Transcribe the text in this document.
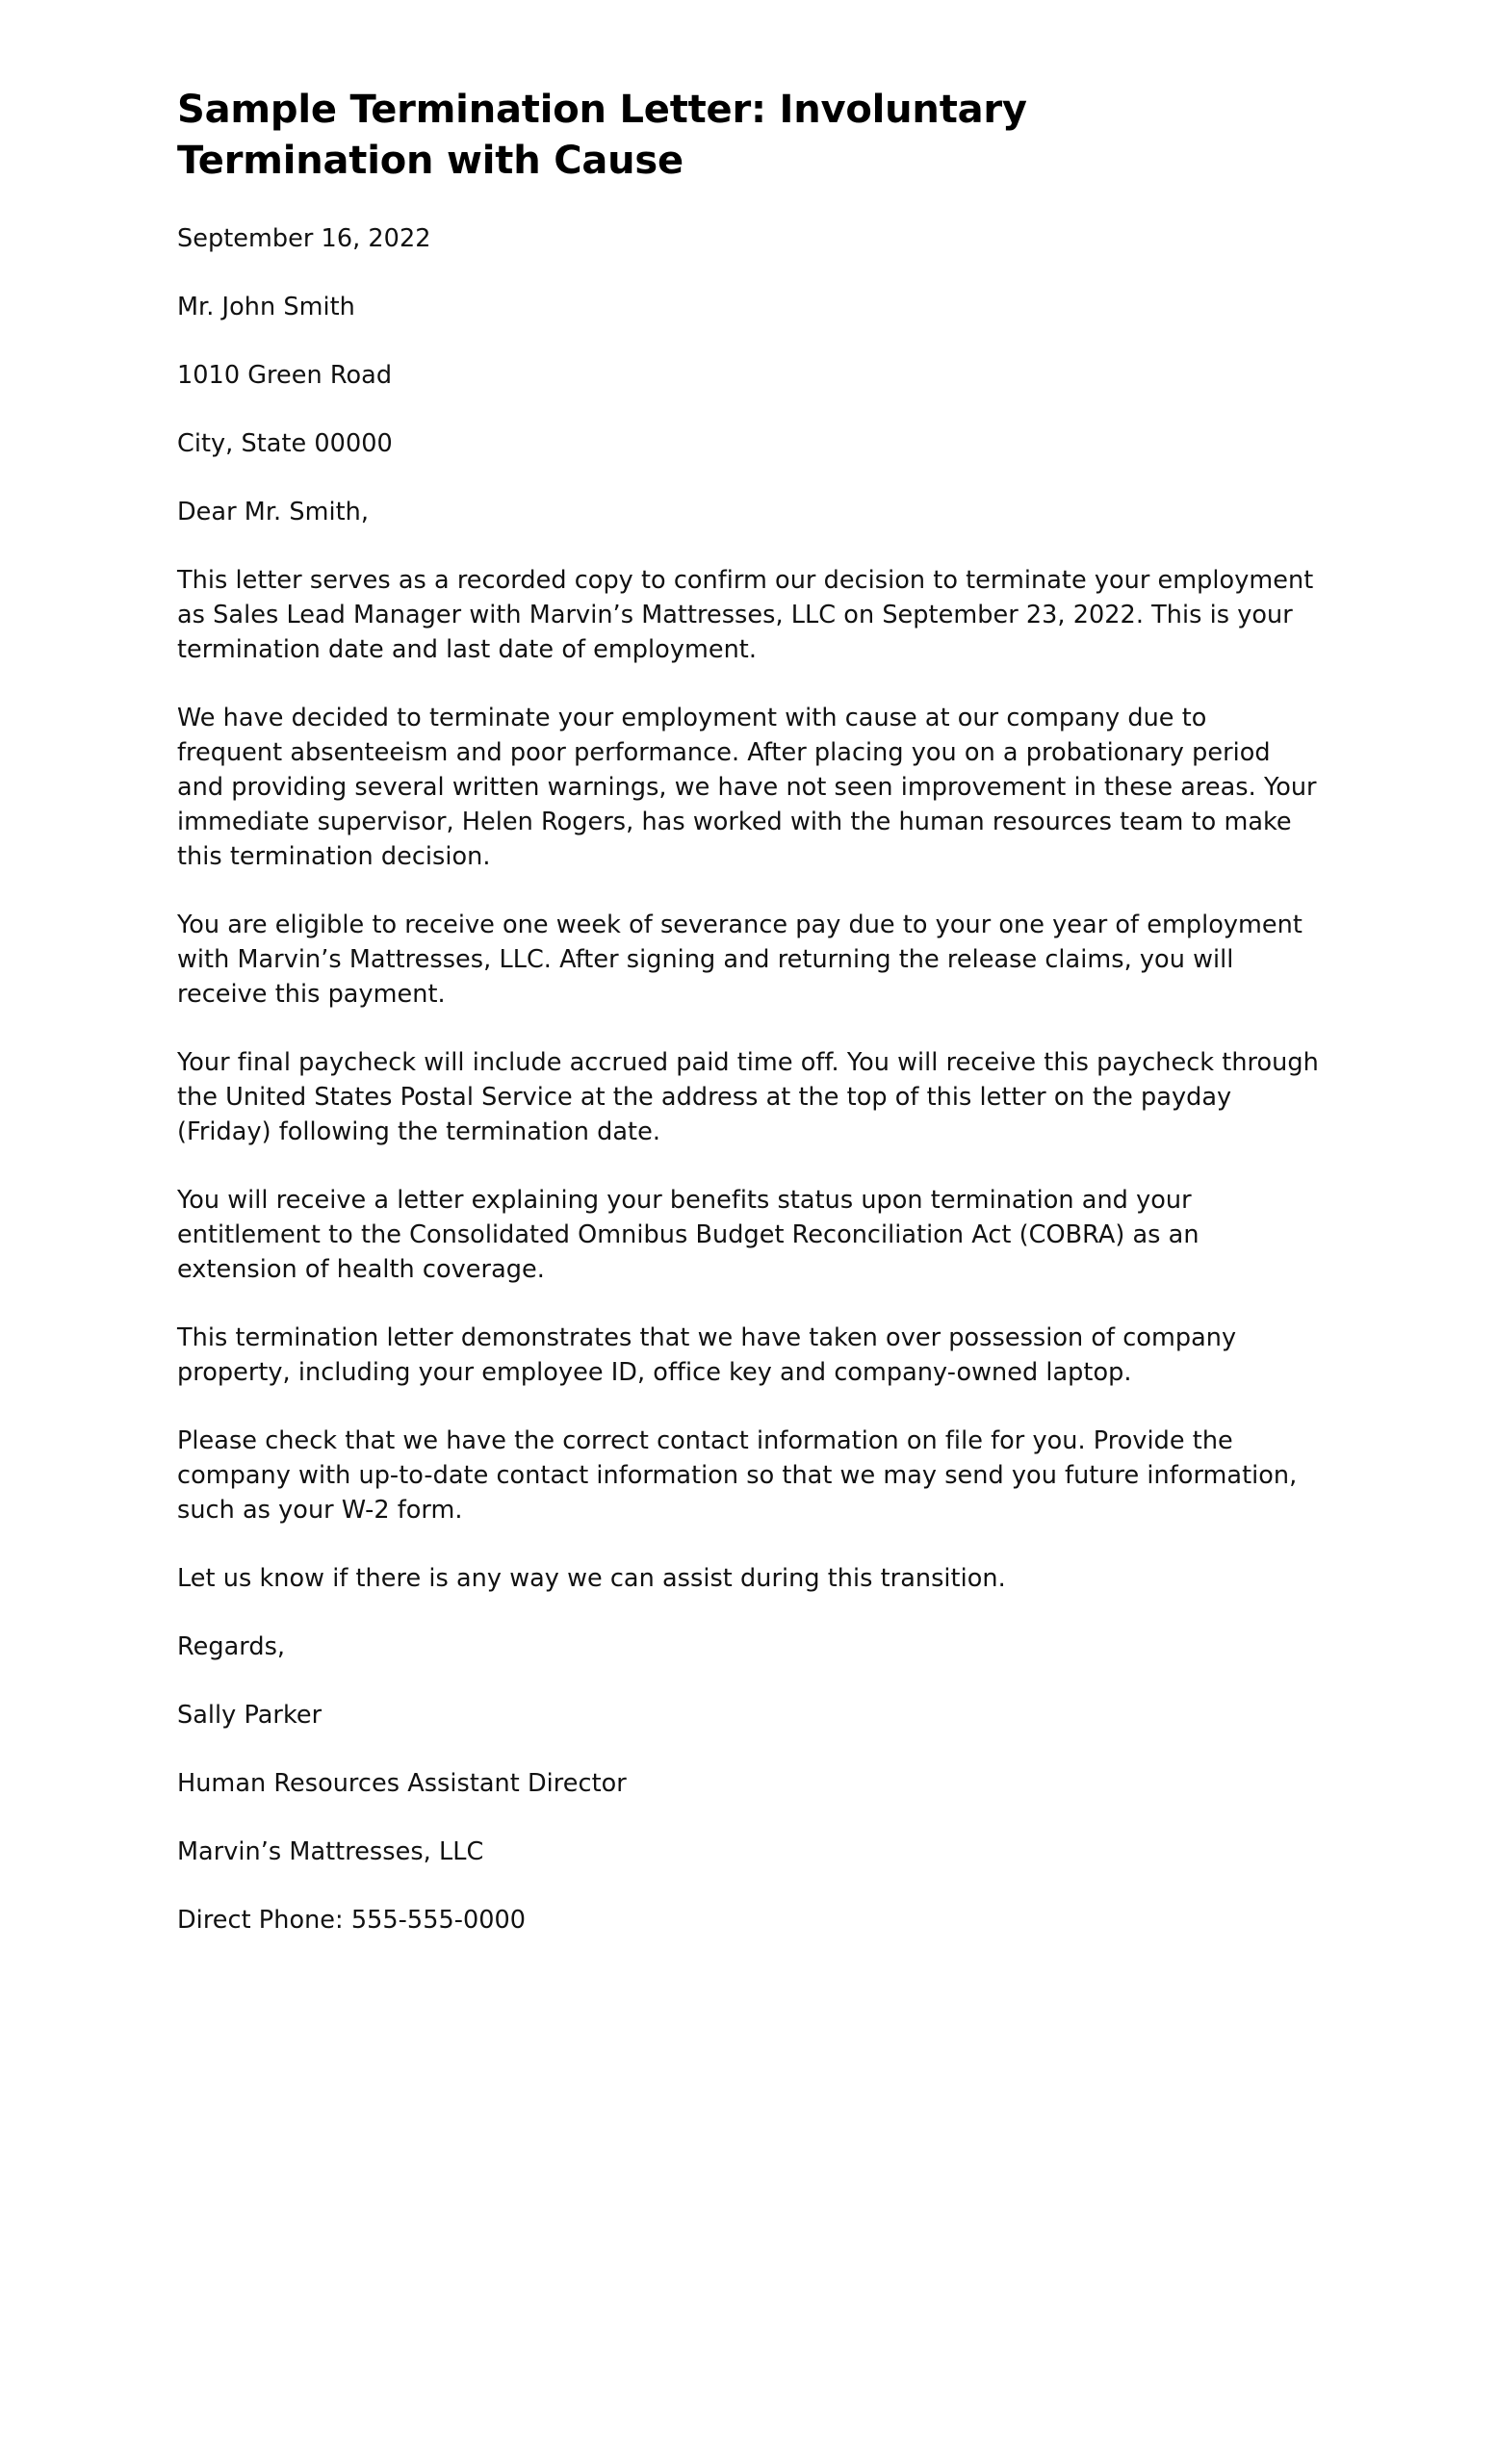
Sample Termination Letter: Involuntary Termination with Cause

September 16, 2022

Mr. John Smith

1010 Green Road

City, State 00000

Dear Mr. Smith,

This letter serves as a recorded copy to confirm our decision to terminate your employment as Sales Lead Manager with Marvin’s Mattresses, LLC on September 23, 2022. This is your termination date and last date of employment.

We have decided to terminate your employment with cause at our company due to frequent absenteeism and poor performance. After placing you on a probationary period and providing several written warnings, we have not seen improvement in these areas. Your immediate supervisor, Helen Rogers, has worked with the human resources team to make this termination decision.

You are eligible to receive one week of severance pay due to your one year of employment with Marvin’s Mattresses, LLC. After signing and returning the release claims, you will receive this payment.

Your final paycheck will include accrued paid time off. You will receive this paycheck through the United States Postal Service at the address at the top of this letter on the payday (Friday) following the termination date.

You will receive a letter explaining your benefits status upon termination and your entitlement to the Consolidated Omnibus Budget Reconciliation Act (COBRA) as an extension of health coverage.

This termination letter demonstrates that we have taken over possession of company property, including your employee ID, office key and company-owned laptop.

Please check that we have the correct contact information on file for you. Provide the company with up-to-date contact information so that we may send you future information, such as your W-2 form.

Let us know if there is any way we can assist during this transition.

Regards,

Sally Parker

Human Resources Assistant Director

Marvin’s Mattresses, LLC

Direct Phone: 555-555-0000
